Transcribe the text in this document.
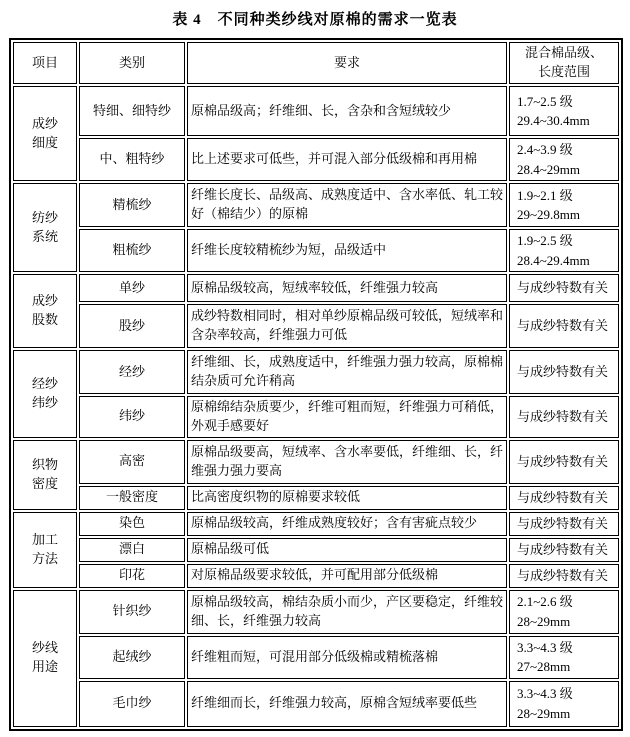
表 4　不同种类纱线对原棉的需求一览表
项目	类别	要求	混合棉品级、
长度范围

成纱
细度
	特细、细特纱	原棉品级高；纤维细、长，含杂和含短绒较少	
1.7~2.5 级
29.4~30.4mm

	中、粗特纱	比上述要求可低些，并可混入部分低级棉和再用棉	2.4~3.9 级
28.4~29mm

纺纱
系统
	精梳纱	纤维长度长、品级高、成熟度适中、含水率低、轧工较好（棉结少）的原棉	
1.9~2.1 级
29~29.8mm

	粗梳纱	纤维长度较精梳纱为短，品级适中	1.9~2.5 级
28.4~29.4mm

成纱
股数	单纱	原棉品级较高，短绒率较低，纤维强力较高	与成纱特数有关

	股纱	成纱特数相同时，相对单纱原棉品级可较低，短绒率和含杂率较高，纤维强力可低	与成纱特数有关

经纱
纬纱	经纱	纤维细、长，成熟度适中，纤维强力强力较高，原棉棉结杂质可允许稍高	与成纱特数有关

	纬纱	原棉绵结杂质要少，纤维可粗而短，纤维强力可稍低，外观手感要好	与成纱特数有关

织物
密度	高密	原棉品级要高，短绒率、含水率要低，纤维细、长，纤维强力强力要高	与成纱特数有关

	一般密度	比高密度织物的原棉要求较低	与成纱特数有关

加工
方法	染色	原棉品级较高，纤维成熟度较好；含有害疵点较少	与成纱特数有关

	漂白	原棉品级可低	与成纱特数有关

	印花	对原棉品级要求较低，并可配用部分低级棉	与成纱特数有关

纱线
用途
	针织纱	原棉品级较高，棉结杂质小而少，产区要稳定，纤维较细、长，纤维强力较高	
2.1~2.6 级
28~29mm

	起绒纱	纤维粗而短，可混用部分低级棉或精梳落棉	3.3~4.3 级
27~28mm

	毛巾纱	纤维细而长，纤维强力较高，原棉含短绒率要低些	3.3~4.3 级
28~29mm
